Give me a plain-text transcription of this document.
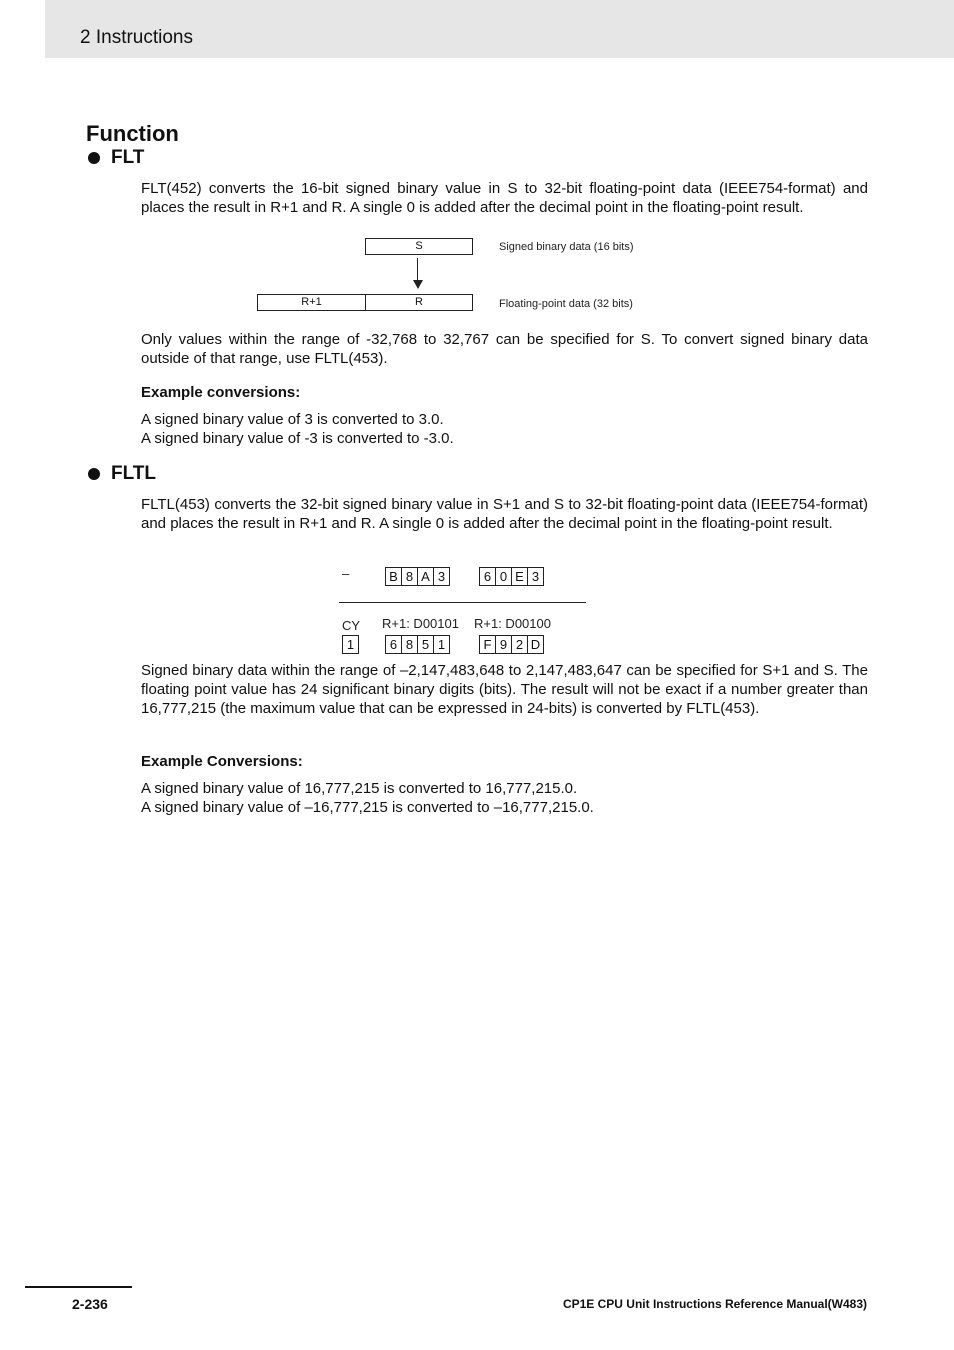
2 Instructions
Function
FLT

FLT(452) converts the 16-bit signed binary value in S to 32-bit floating-point data (IEEE754-format) and places the result in R+1 and R. A single 0 is added after the decimal point in the floating-point result.

S	Signed binary data (16 bits)
R+1	R	Floating-point data (32 bits)

Only values within the range of -32,768 to 32,767 can be specified for S. To convert signed binary data outside of that range, use FLTL(453).

Example conversions:
A signed binary value of 3 is converted to 3.0.
A signed binary value of -3 is converted to -3.0.
FLTL

FLTL(453) converts the 32-bit signed binary value in S+1 and S to 32-bit floating-point data (IEEE754-format) and places the result in R+1 and R. A single 0 is added after the decimal point in the floating-point result.

–	B 8 A 3	6 0 E 3
CY R+1: D00101 R+1: D00100
1	6 8 5 1	F 9 2 D

Signed binary data within the range of –2,147,483,648 to 2,147,483,647 can be specified for S+1 and S. The floating point value has 24 significant binary digits (bits). The result will not be exact if a number greater than 16,777,215 (the maximum value that can be expressed in 24-bits) is converted by FLTL(453).

Example Conversions:
A signed binary value of 16,777,215 is converted to 16,777,215.0.
A signed binary value of –16,777,215 is converted to –16,777,215.0.
2-236	CP1E CPU Unit Instructions Reference Manual(W483)
